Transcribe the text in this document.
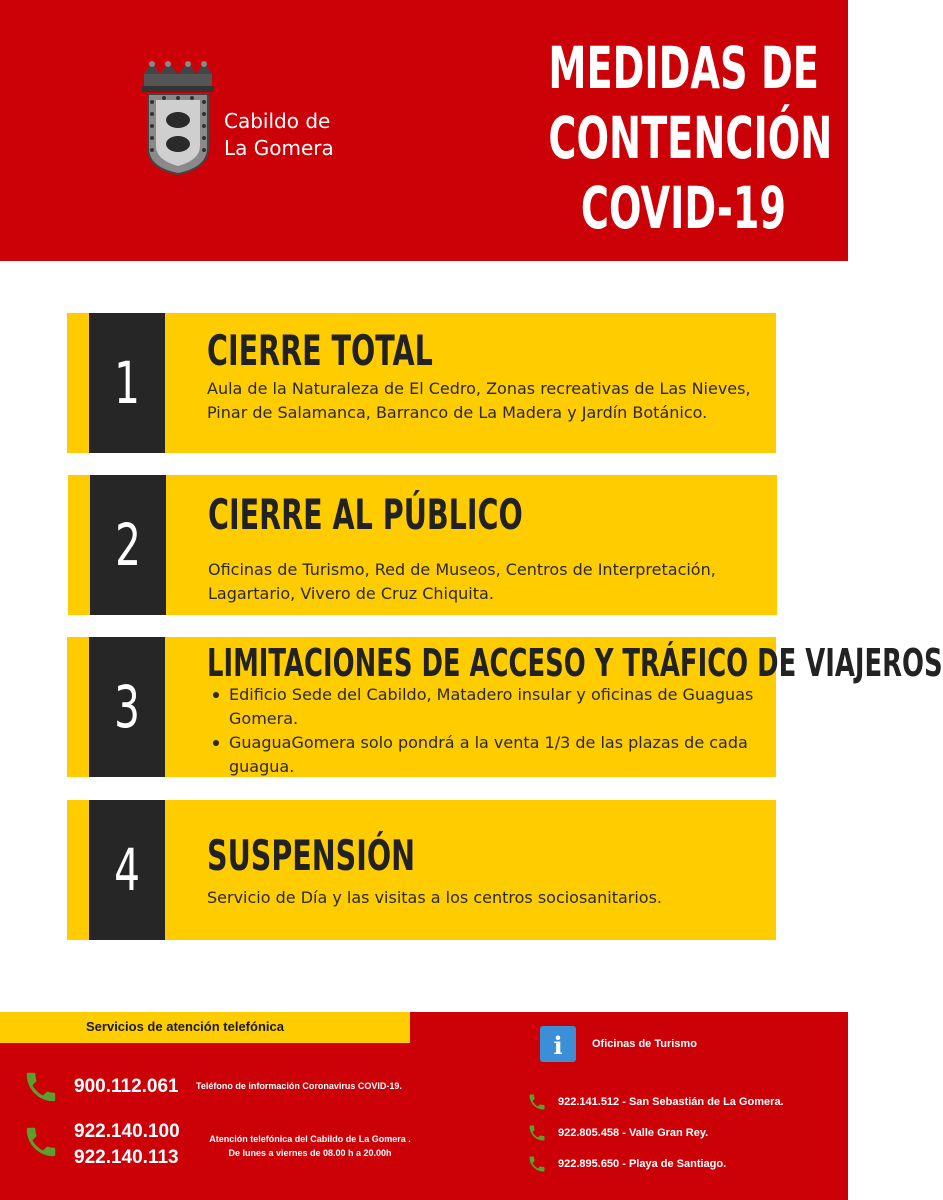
Cabildo de
La Gomera
MEDIDAS DE
CONTENCIÓN
COVID-19
1	CIERRE TOTAL
Aula de la Naturaleza de El Cedro, Zonas recreativas de Las Nieves, Pinar de Salamanca, Barranco de La Madera y Jardín Botánico.
2	CIERRE AL PÚBLICO
Oficinas de Turismo, Red de Museos, Centros de Interpretación, Lagartario, Vivero de Cruz Chiquita.
3
LIMITACIONES DE ACCESO Y TRÁFICO DE VIAJEROS
Edificio Sede del Cabildo, Matadero insular y oficinas de Guaguas Gomera.
GuaguaGomera solo pondrá a la venta 1/3 de las plazas de cada guagua.
4	SUSPENSIÓN
Servicio de Día y las visitas a los centros sociosanitarios.
Servicios de atención telefónica
900.112.061 Teléfono de información Coronavirus COVID-19.
922.140.100
922.140.113
Atención telefónica del Cabildo de La Gomera .
De lunes a viernes de 08.00 h a 20.00h
i	Oficinas de Turismo
922.141.512 - San Sebastián de La Gomera.
922.805.458 - Valle Gran Rey.
922.895.650 - Playa de Santiago.
